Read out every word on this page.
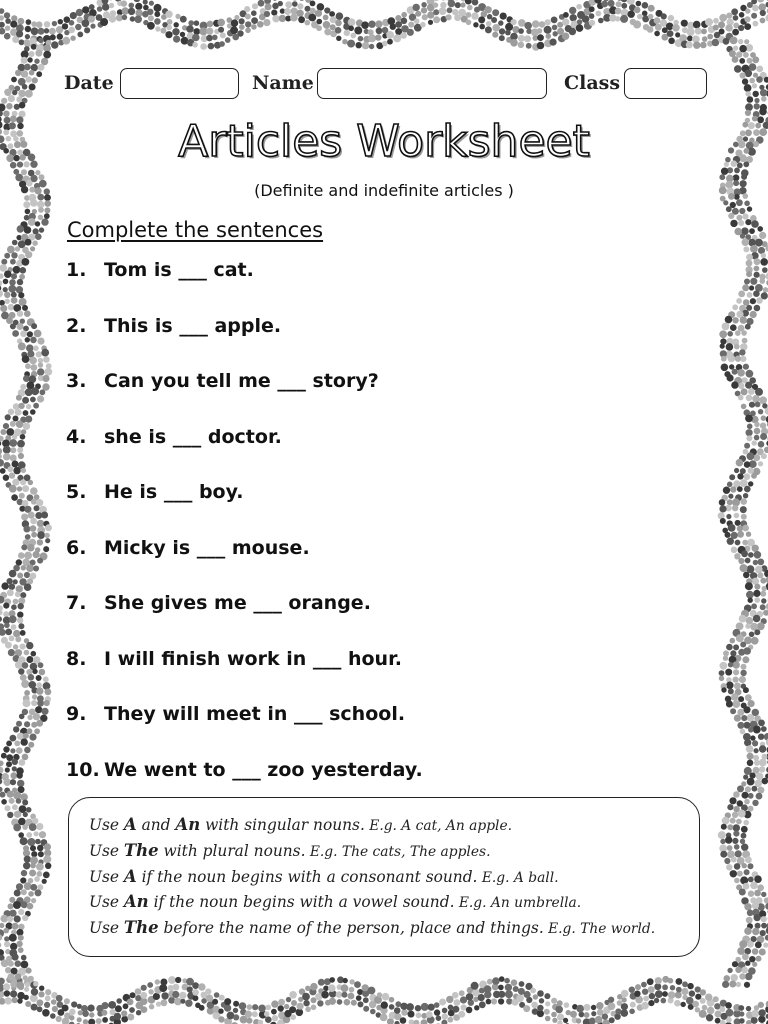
Date	Name	Class
Articles Worksheet
(Definite and indefinite articles )
Complete the sentences
1. Tom is ___ cat.
2. This is ___ apple.
3. Can you tell me ___ story?
4. she is ___ doctor.
5. He is ___ boy.
6. Micky is ___ mouse.
7. She gives me ___ orange.
8. I will finish work in ___ hour.
9. They will meet in ___ school.
10. We went to ___ zoo yesterday.
Use A and An with singular nouns. E.g. A cat, An apple.
Use The with plural nouns. E.g. The cats, The apples.
Use A if the noun begins with a consonant sound. E.g. A ball.
Use An if the noun begins with a vowel sound. E.g. An umbrella.
Use The before the name of the person, place and things. E.g. The world.
